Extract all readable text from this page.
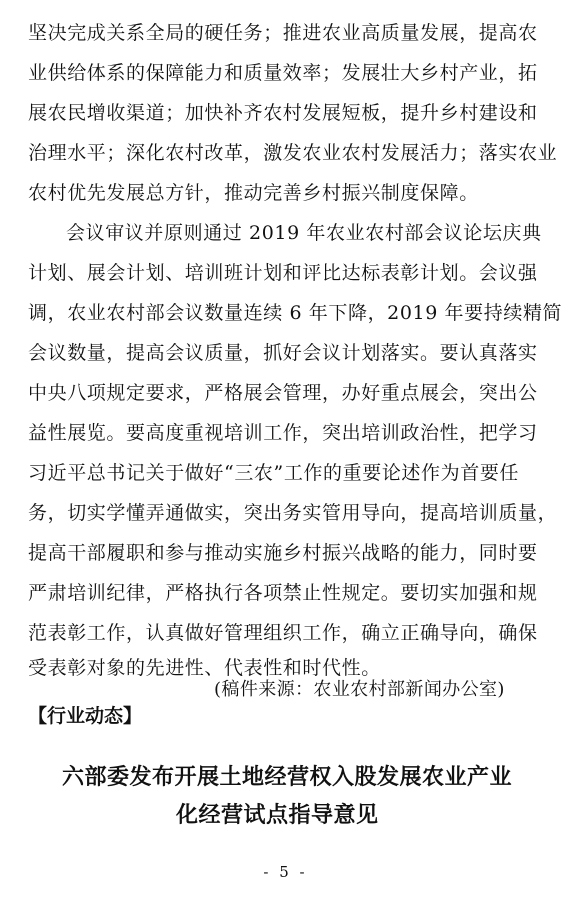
坚决完成关系全局的硬任务；推进农业高质量发展，提高农
业供给体系的保障能力和质量效率；发展壮大乡村产业，拓
展农民增收渠道；加快补齐农村发展短板，提升乡村建设和
治理水平；深化农村改革，激发农业农村发展活力；落实农业
农村优先发展总方针，推动完善乡村振兴制度保障。
会议审议并原则通过 2019 年农业农村部会议论坛庆典
计划、展会计划、培训班计划和评比达标表彰计划。会议强
调，农业农村部会议数量连续 6 年下降，2019 年要持续精简
会议数量，提高会议质量，抓好会议计划落实。要认真落实
中央八项规定要求，严格展会管理，办好重点展会，突出公
益性展览。要高度重视培训工作，突出培训政治性，把学习
习近平总书记关于做好“三农”工作的重要论述作为首要任
务，切实学懂弄通做实，突出务实管用导向，提高培训质量，
提高干部履职和参与推动实施乡村振兴战略的能力，同时要
严肃培训纪律，严格执行各项禁止性规定。要切实加强和规
范表彰工作，认真做好管理组织工作，确立正确导向，确保
受表彰对象的先进性、代表性和时代性。
(稿件来源：农业农村部新闻办公室)
【行业动态】
六部委发布开展土地经营权入股发展农业产业
化经营试点指导意见
- 5 -
